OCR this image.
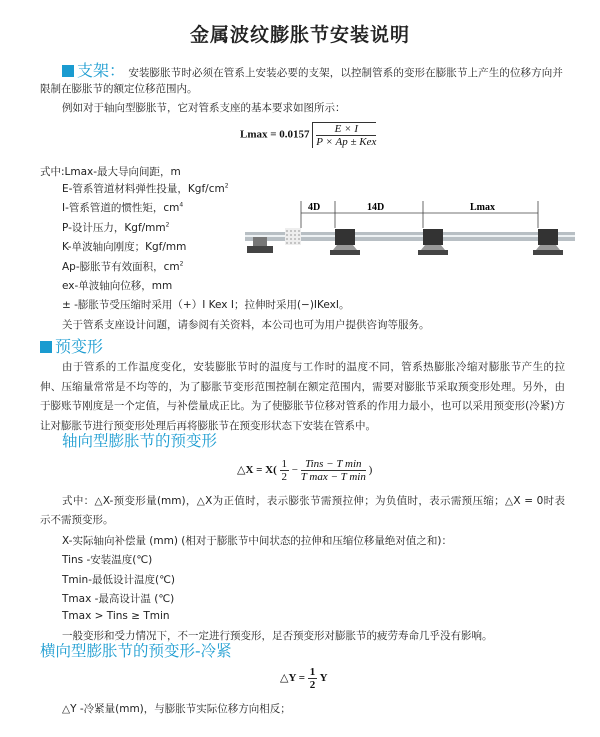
金属波纹膨胀节安装说明
支架： 安装膨胀节时必须在管系上安装必要的支架，以控制管系的变形在膨胀节上产生的位移方向并
限制在膨胀节的额定位移范围内。
例如对于轴向型膨胀节，它对管系支座的基本要求如图所示：
$Lmax = 0.0157 \frac{E \times I}{\text{P × Ap ± Kex}}$
式中:Lmax-最大导向间距，m
E-管系管道材料弹性投量，Kgf/$cm^2$
I-管系管道的惯性矩，$cm^4$
P-设计压力，Kgf/$mm^2$
K-单波轴向刚度；Kgf/mm
Ap-膨胀节有效面积，$cm^2$
ex-单波轴向位移，mm
± -膨胀节受压缩时采用（+）I Kex I；拉伸时采用(−)IKexI。
关于管系支座设计问题，请参阅有关资料，本公司也可为用户提供咨询等服务。
4D	14D	Lmax
预变形
由于管系的工作温度变化，安装膨胀节时的温度与工作时的温度不同，管系热膨胀冷缩对膨胀节产生的拉
伸、压缩量常常是不均等的，为了膨胀节变形范围控制在额定范围内，需要对膨胀节采取预变形处理。另外，由
于膨账节刚度是一个定值，与补偿量成正比。为了使膨胀节位移对管系的作用力最小，也可以采用预变形(冷紧)方
让对膨胀节进行预变形处理后再将膨胀节在预变形状态下安装在管系中。
轴向型膨胀节的预变形
△X = $X( \frac{1}{2} - \frac{\text{Tins − T min}}{\text{T max − T min}}$ )
式中：△X-预变形量(mm)，△X为正值时，表示膨张节需预拉伸；为负值时，表示需预压缩；△X = 0时表
示不需预变形。
X-实际轴向补偿量 (mm) (相对于膨胀节中间状态的拉伸和压缩位移量绝对值之和)：
Tins -安装温度(℃)
Tmin-最低设计温度(℃)
Tmax -最高设计温 (℃)
Tmax > Tins ≥ Tmin
一般变形和受力情况下，不一定进行预变形，足否预变形对膨胀节的疲劳寿命几乎没有影响。
横向型膨胀节的预变形-冷紧
△Y = $\frac{1}{2}$ Y
△Y -冷紧量(mm)，与膨胀节实际位移方向相反；
